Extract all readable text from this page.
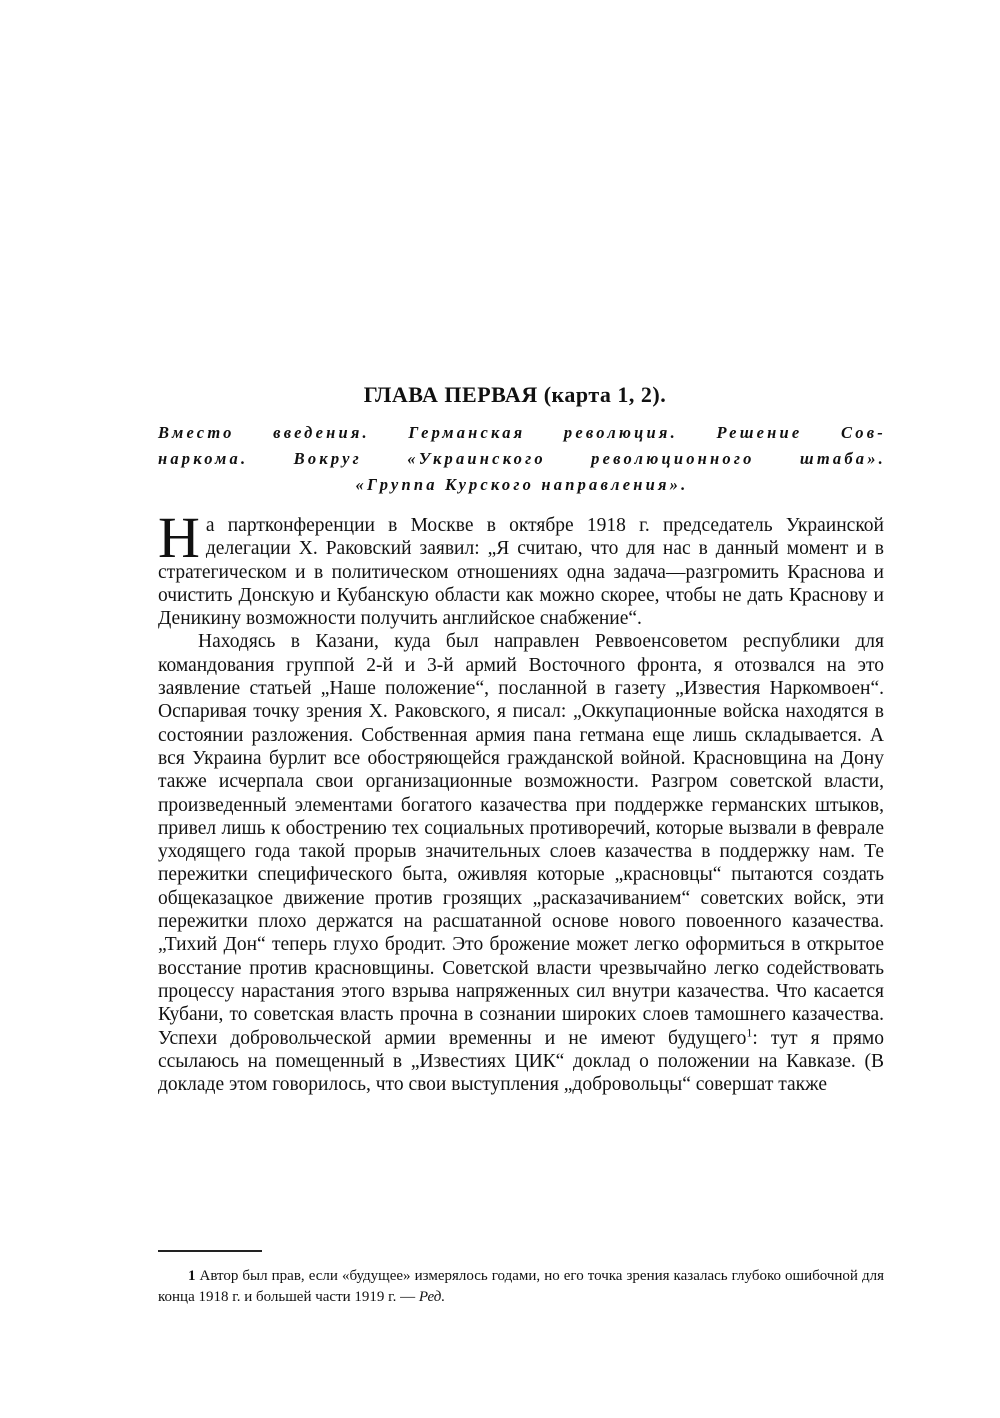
ГЛАВА ПЕРВАЯ (карта 1, 2).
Вместо введения. Германская революция. Решение Сов-
наркома. Вокруг «Украинского революционного штаба».
«Группа Курского направления».

На партконференции в Москве в октябре 1918 г. председатель Украинской делегации Х. Раковский заявил: „Я считаю, что для нас в данный момент и в стратегическом и в политическом отношениях одна задача—разгромить Краснова и очистить Донскую и Кубанскую области как можно скорее, чтобы не дать Краснову и Деникину возможности получить английское снабжение“.

Находясь в Казани, куда был направлен Реввоенсоветом республики для командования группой 2-й и 3-й армий Восточного фронта, я отозвался на это заявление статьей „Наше положение“, посланной в газету „Известия Наркомвоен“. Оспаривая точку зрения Х. Раковского, я писал: „Оккупационные войска находятся в состоянии разложения. Собственная армия пана гетмана еще лишь складывается. А вся Украина бурлит все обостряющейся гражданской войной. Красновщина на Дону также исчерпала свои организационные возможности. Разгром советской власти, произведенный элементами богатого казачества при поддержке германских штыков, привел лишь к обострению тех социальных противоречий, которые вызвали в феврале уходящего года такой прорыв значительных слоев казачества в поддержку нам. Те пережитки специфического быта, оживляя которые „красновцы“ пытаются создать общеказацкое движение против грозящих „расказачиванием“ советских войск, эти пережитки плохо держатся на расшатанной основе нового повоенного казачества. „Тихий Дон“ теперь глухо бродит. Это брожение может легко оформиться в открытое восстание против красновщины. Советской власти чрезвычайно легко содействовать процессу нарастания этого взрыва напряженных сил внутри казачества. Что касается Кубани, то советская власть прочна в сознании широких слоев тамошнего казачества. Успехи добровольческой армии временны и не имеют будущего$^1$: тут я прямо ссылаюсь на помещенный в „Известиях ЦИК“ доклад о положении на Кавказе. (В докладе этом говорилось, что свои выступления „добровольцы“ совершат также

1 Автор был прав, если «будущее» измерялось годами, но его точка зрения казалась глубоко ошибочной для конца 1918 г. и большей части 1919 г. — Ред.
